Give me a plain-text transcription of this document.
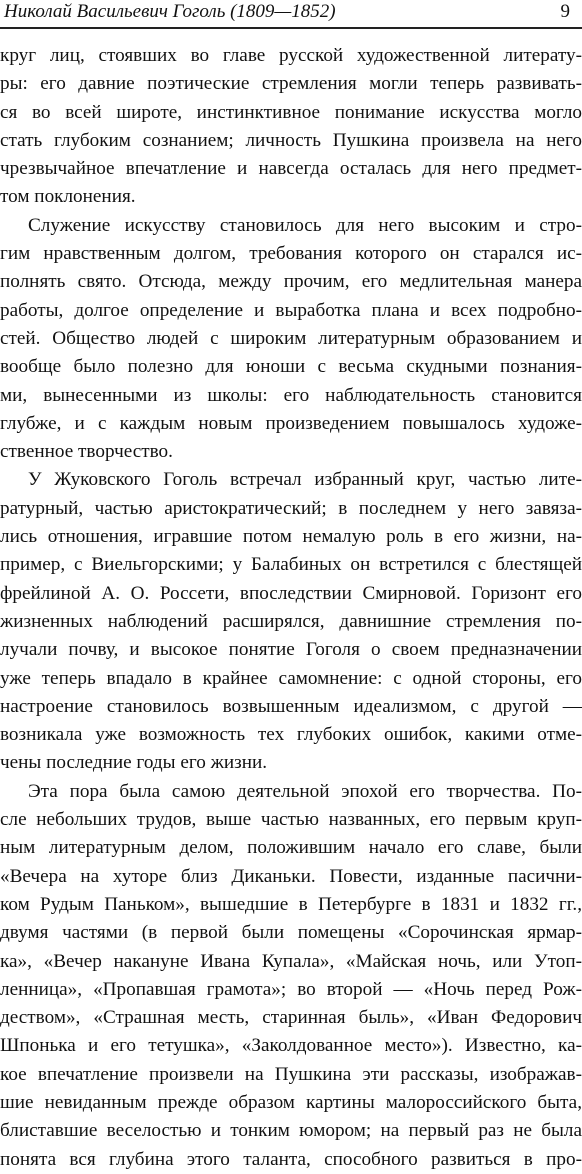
Николай Васильевич Гоголь (1809—1852)	9
круг лиц, стоявших во главе русской художественной литерату-
ры: его давние поэтические стремления могли теперь развивать-
ся во всей широте, инстинктивное понимание искусства могло
стать глубоким сознанием; личность Пушкина произвела на него
чрезвычайное впечатление и навсегда осталась для него предмет-
том поклонения.
Служение искусству становилось для него высоким и стро-
гим нравственным долгом, требования которого он старался ис-
полнять свято. Отсюда, между прочим, его медлительная манера
работы, долгое определение и выработка плана и всех подробно-
стей. Общество людей с широким литературным образованием и
вообще было полезно для юноши с весьма скудными познания-
ми, вынесенными из школы: его наблюдательность становится
глубже, и с каждым новым произведением повышалось художе-
ственное творчество.
У Жуковского Гоголь встречал избранный круг, частью лите-
ратурный, частью аристократический; в последнем у него завяза-
лись отношения, игравшие потом немалую роль в его жизни, на-
пример, с Виельгорскими; у Балабиных он встретился с блестящей
фрейлиной А. О. Россети, впоследствии Смирновой. Горизонт его
жизненных наблюдений расширялся, давнишние стремления по-
лучали почву, и высокое понятие Гоголя о своем предназначении
уже теперь впадало в крайнее самомнение: с одной стороны, его
настроение становилось возвышенным идеализмом, с другой —
возникала уже возможность тех глубоких ошибок, какими отме-
чены последние годы его жизни.
Эта пора была самою деятельной эпохой его творчества. По-
сле небольших трудов, выше частью названных, его первым круп-
ным литературным делом, положившим начало его славе, были
«Вечера на хуторе близ Диканьки. Повести, изданные пасични-
ком Рудым Паньком», вышедшие в Петербурге в 1831 и 1832 гг.,
двумя частями (в первой были помещены «Сорочинская ярмар-
ка», «Вечер накануне Ивана Купала», «Майская ночь, или Утоп-
ленница», «Пропавшая грамота»; во второй — «Ночь перед Рож-
деством», «Страшная месть, старинная быль», «Иван Федорович
Шпонька и его тетушка», «Заколдованное место»). Известно, ка-
кое впечатление произвели на Пушкина эти рассказы, изображав-
шие невиданным прежде образом картины малороссийского быта,
блиставшие веселостью и тонким юмором; на первый раз не была
понята вся глубина этого таланта, способного развиться в про-
